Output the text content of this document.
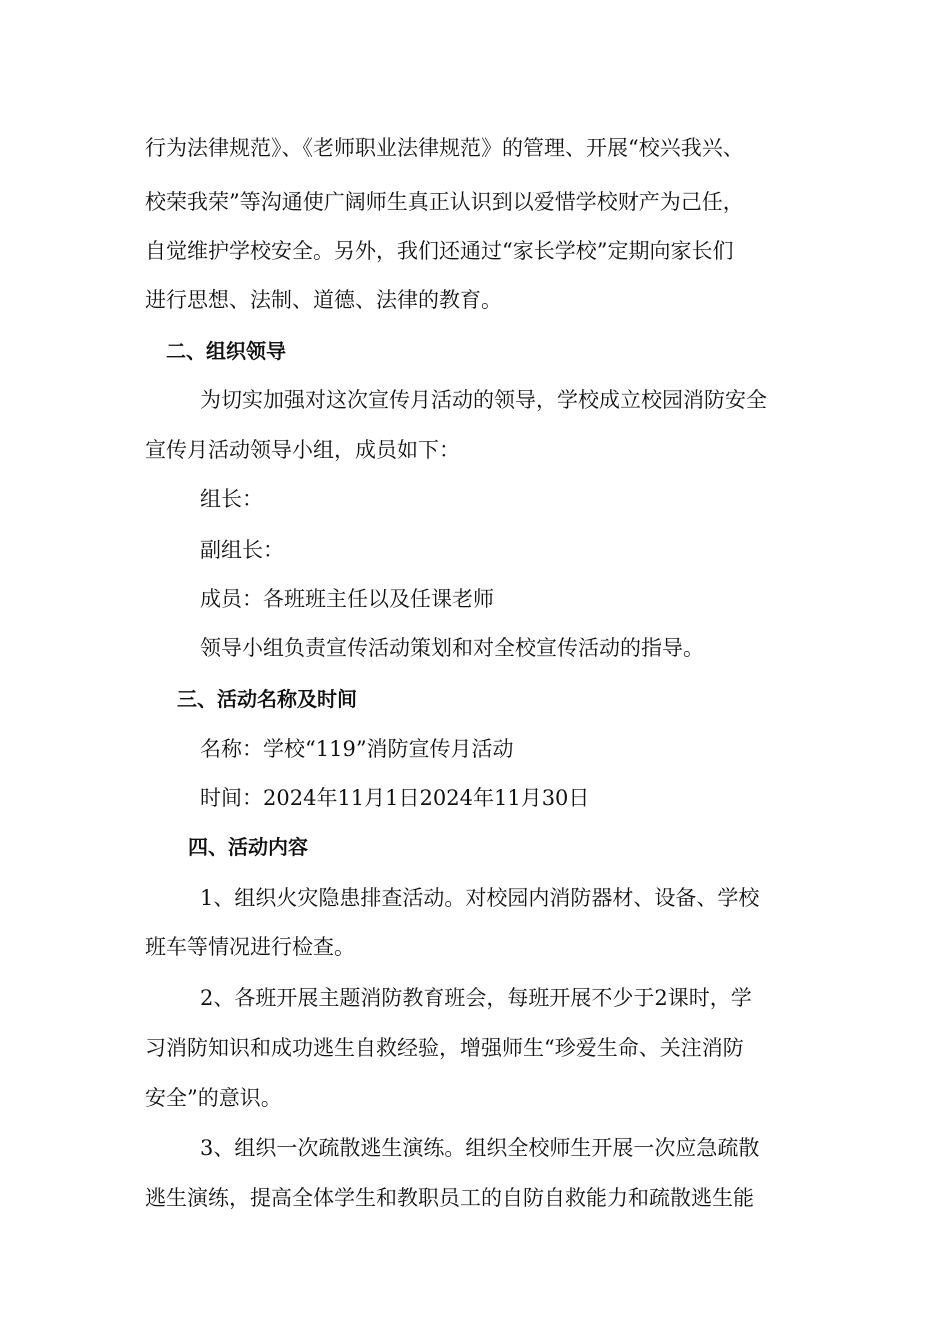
行为法律规范》、《老师职业法律规范》的管理、开展“校兴我兴、
校荣我荣”等沟通使广阔师生真正认识到以爱惜学校财产为己任，
自觉维护学校安全。另外，我们还通过“家长学校”定期向家长们
进行思想、法制、道德、法律的教育。
二、组织领导
为切实加强对这次宣传月活动的领导，学校成立校园消防安全
宣传月活动领导小组，成员如下：
组长：
副组长：
成员：各班班主任以及任课老师
领导小组负责宣传活动策划和对全校宣传活动的指导。
三、活动名称及时间
名称：学校“119”消防宣传月活动
时间：2024年11月1日2024年11月30日
四、活动内容
1、组织火灾隐患排查活动。对校园内消防器材、设备、学校
班车等情况进行检查。
2、各班开展主题消防教育班会，每班开展不少于2课时，学
习消防知识和成功逃生自救经验，增强师生“珍爱生命、关注消防
安全”的意识。
3、组织一次疏散逃生演练。组织全校师生开展一次应急疏散
逃生演练，提高全体学生和教职员工的自防自救能力和疏散逃生能
